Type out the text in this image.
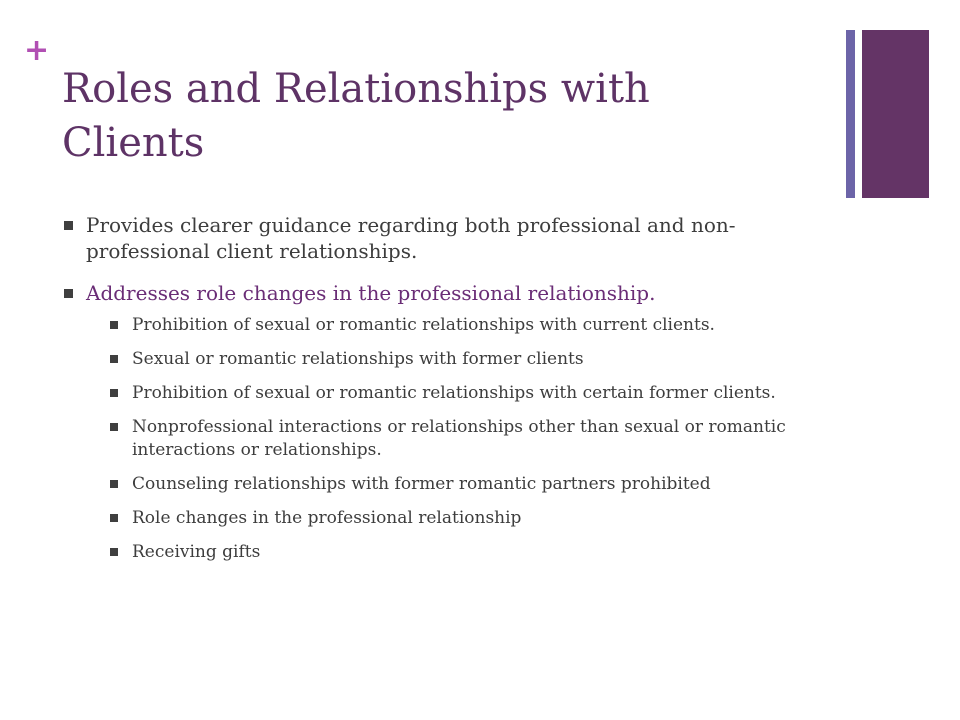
+
Roles and Relationships with Clients
Provides clearer guidance regarding both professional and non-professional client relationships.
Addresses role changes in the professional relationship.
Prohibition of sexual or romantic relationships with current clients.
Sexual or romantic relationships with former clients
Prohibition of sexual or romantic relationships with certain former clients.
Nonprofessional interactions or relationships other than sexual or romantic interactions or relationships.
Counseling relationships with former romantic partners prohibited
Role changes in the professional relationship
Receiving gifts
